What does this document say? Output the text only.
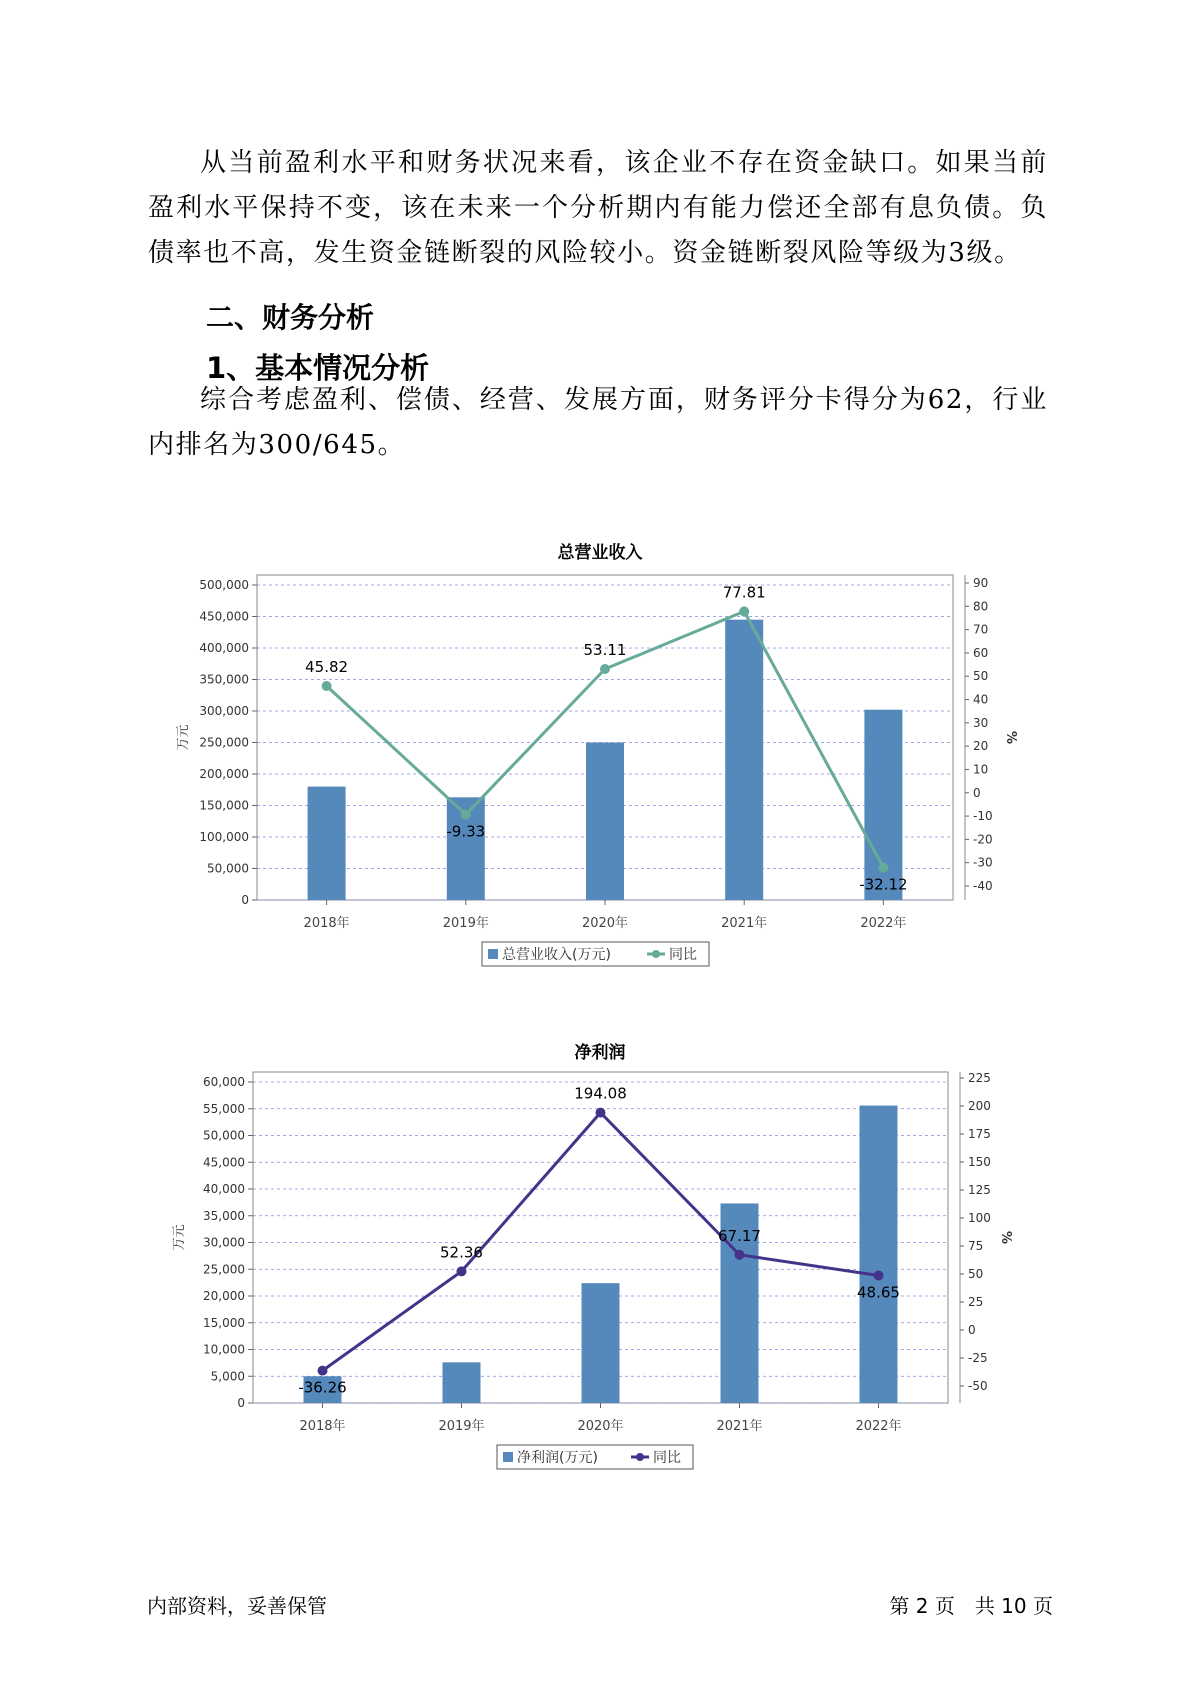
从当前盈利水平和财务状况来看，该企业不存在资金缺口。如果当前盈利水平保持不变，该在未来一个分析期内有能力偿还全部有息负债。负债率也不高，发生资金链断裂的风险较小。资金链断裂风险等级为3级。

二、财务分析
1、基本情况分析

综合考虑盈利、偿债、经营、发展方面，财务评分卡得分为62，行业内排名为300/645。

总营业收入
0
50,000
100,000
150,000
200,000
250,000
300,000
350,000
400,000
450,000
500,000
-40
-30
-20
-10
0
10
20
30
40
50
60
70
80
90
万元	%
2018年	2019年	2020年	2021年	2022年
45.82
-9.33
53.11
77.81
-32.12
总营业收入(万元)	同比
净利润
0
5,000
10,000
15,000
20,000
25,000
30,000
35,000
40,000
45,000
50,000
55,000
60,000
-50
-25
0
25
50
75
100
125
150
175
200
225
万元	%
2018年	2019年	2020年	2021年	2022年
-36.26
52.36
194.08
67.17
48.65
净利润(万元)	同比
内部资料，妥善保管	第 2 页　共 10 页
